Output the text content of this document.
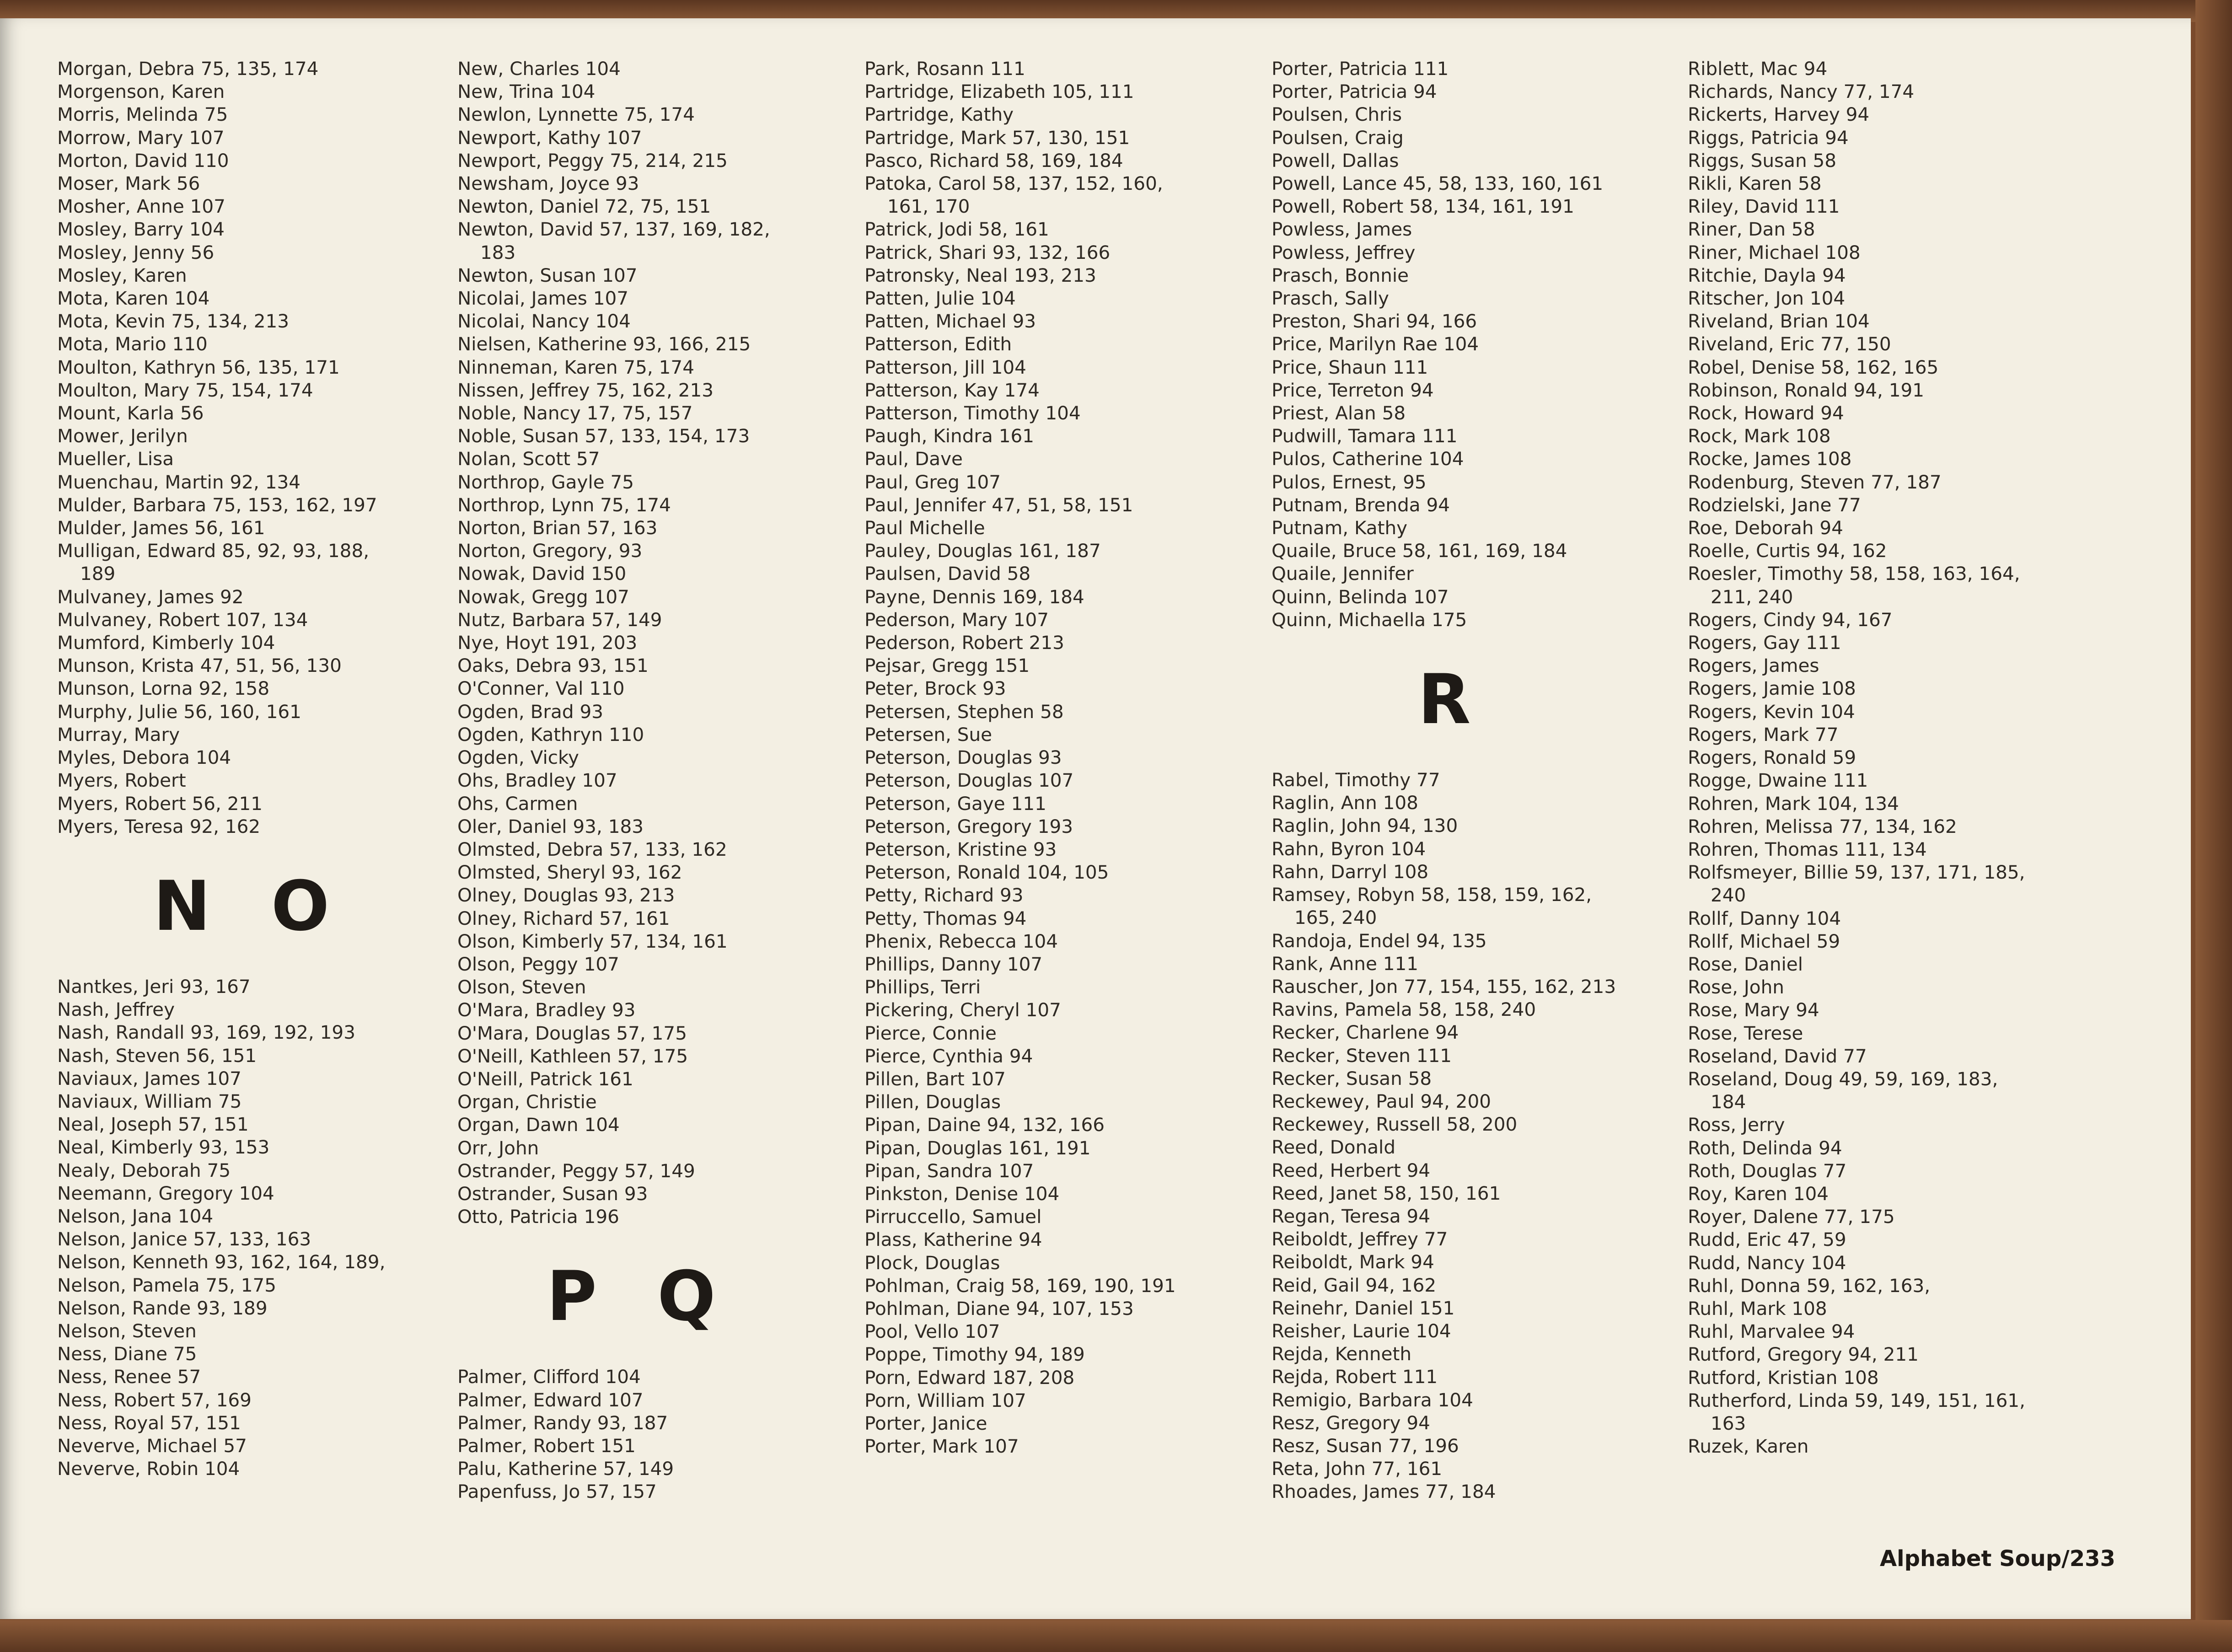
Morgan, Debra 75, 135, 174
Morgenson, Karen
Morris, Melinda 75
Morrow, Mary 107
Morton, David 110
Moser, Mark 56
Mosher, Anne 107
Mosley, Barry 104
Mosley, Jenny 56
Mosley, Karen
Mota, Karen 104
Mota, Kevin 75, 134, 213
Mota, Mario 110
Moulton, Kathryn 56, 135, 171
Moulton, Mary 75, 154, 174
Mount, Karla 56
Mower, Jerilyn
Mueller, Lisa
Muenchau, Martin 92, 134
Mulder, Barbara 75, 153, 162, 197
Mulder, James 56, 161
Mulligan, Edward 85, 92, 93, 188,
189
Mulvaney, James 92
Mulvaney, Robert 107, 134
Mumford, Kimberly 104
Munson, Krista 47, 51, 56, 130
Munson, Lorna 92, 158
Murphy, Julie 56, 160, 161
Murray, Mary
Myles, Debora 104
Myers, Robert
Myers, Robert 56, 211
Myers, Teresa 92, 162
N O
Nantkes, Jeri 93, 167
Nash, Jeffrey
Nash, Randall 93, 169, 192, 193
Nash, Steven 56, 151
Naviaux, James 107
Naviaux, William 75
Neal, Joseph 57, 151
Neal, Kimberly 93, 153
Nealy, Deborah 75
Neemann, Gregory 104
Nelson, Jana 104
Nelson, Janice 57, 133, 163
Nelson, Kenneth 93, 162, 164, 189,
Nelson, Pamela 75, 175
Nelson, Rande 93, 189
Nelson, Steven
Ness, Diane 75
Ness, Renee 57
Ness, Robert 57, 169
Ness, Royal 57, 151
Neverve, Michael 57
Neverve, Robin 104
New, Charles 104
New, Trina 104
Newlon, Lynnette 75, 174
Newport, Kathy 107
Newport, Peggy 75, 214, 215
Newsham, Joyce 93
Newton, Daniel 72, 75, 151
Newton, David 57, 137, 169, 182,
183
Newton, Susan 107
Nicolai, James 107
Nicolai, Nancy 104
Nielsen, Katherine 93, 166, 215
Ninneman, Karen 75, 174
Nissen, Jeffrey 75, 162, 213
Noble, Nancy 17, 75, 157
Noble, Susan 57, 133, 154, 173
Nolan, Scott 57
Northrop, Gayle 75
Northrop, Lynn 75, 174
Norton, Brian 57, 163
Norton, Gregory, 93
Nowak, David 150
Nowak, Gregg 107
Nutz, Barbara 57, 149
Nye, Hoyt 191, 203
Oaks, Debra 93, 151
O'Conner, Val 110
Ogden, Brad 93
Ogden, Kathryn 110
Ogden, Vicky
Ohs, Bradley 107
Ohs, Carmen
Oler, Daniel 93, 183
Olmsted, Debra 57, 133, 162
Olmsted, Sheryl 93, 162
Olney, Douglas 93, 213
Olney, Richard 57, 161
Olson, Kimberly 57, 134, 161
Olson, Peggy 107
Olson, Steven
O'Mara, Bradley 93
O'Mara, Douglas 57, 175
O'Neill, Kathleen 57, 175
O'Neill, Patrick 161
Organ, Christie
Organ, Dawn 104
Orr, John
Ostrander, Peggy 57, 149
Ostrander, Susan 93
Otto, Patricia 196
P Q
Palmer, Clifford 104
Palmer, Edward 107
Palmer, Randy 93, 187
Palmer, Robert 151
Palu, Katherine 57, 149
Papenfuss, Jo 57, 157
Park, Rosann 111
Partridge, Elizabeth 105, 111
Partridge, Kathy
Partridge, Mark 57, 130, 151
Pasco, Richard 58, 169, 184
Patoka, Carol 58, 137, 152, 160,
161, 170
Patrick, Jodi 58, 161
Patrick, Shari 93, 132, 166
Patronsky, Neal 193, 213
Patten, Julie 104
Patten, Michael 93
Patterson, Edith
Patterson, Jill 104
Patterson, Kay 174
Patterson, Timothy 104
Paugh, Kindra 161
Paul, Dave
Paul, Greg 107
Paul, Jennifer 47, 51, 58, 151
Paul Michelle
Pauley, Douglas 161, 187
Paulsen, David 58
Payne, Dennis 169, 184
Pederson, Mary 107
Pederson, Robert 213
Pejsar, Gregg 151
Peter, Brock 93
Petersen, Stephen 58
Petersen, Sue
Peterson, Douglas 93
Peterson, Douglas 107
Peterson, Gaye 111
Peterson, Gregory 193
Peterson, Kristine 93
Peterson, Ronald 104, 105
Petty, Richard 93
Petty, Thomas 94
Phenix, Rebecca 104
Phillips, Danny 107
Phillips, Terri
Pickering, Cheryl 107
Pierce, Connie
Pierce, Cynthia 94
Pillen, Bart 107
Pillen, Douglas
Pipan, Daine 94, 132, 166
Pipan, Douglas 161, 191
Pipan, Sandra 107
Pinkston, Denise 104
Pirruccello, Samuel
Plass, Katherine 94
Plock, Douglas
Pohlman, Craig 58, 169, 190, 191
Pohlman, Diane 94, 107, 153
Pool, Vello 107
Poppe, Timothy 94, 189
Porn, Edward 187, 208
Porn, William 107
Porter, Janice
Porter, Mark 107
Porter, Patricia 111
Porter, Patricia 94
Poulsen, Chris
Poulsen, Craig
Powell, Dallas
Powell, Lance 45, 58, 133, 160, 161
Powell, Robert 58, 134, 161, 191
Powless, James
Powless, Jeffrey
Prasch, Bonnie
Prasch, Sally
Preston, Shari 94, 166
Price, Marilyn Rae 104
Price, Shaun 111
Price, Terreton 94
Priest, Alan 58
Pudwill, Tamara 111
Pulos, Catherine 104
Pulos, Ernest, 95
Putnam, Brenda 94
Putnam, Kathy
Quaile, Bruce 58, 161, 169, 184
Quaile, Jennifer
Quinn, Belinda 107
Quinn, Michaella 175
R
Rabel, Timothy 77
Raglin, Ann 108
Raglin, John 94, 130
Rahn, Byron 104
Rahn, Darryl 108
Ramsey, Robyn 58, 158, 159, 162,
165, 240
Randoja, Endel 94, 135
Rank, Anne 111
Rauscher, Jon 77, 154, 155, 162, 213
Ravins, Pamela 58, 158, 240
Recker, Charlene 94
Recker, Steven 111
Recker, Susan 58
Reckewey, Paul 94, 200
Reckewey, Russell 58, 200
Reed, Donald
Reed, Herbert 94
Reed, Janet 58, 150, 161
Regan, Teresa 94
Reiboldt, Jeffrey 77
Reiboldt, Mark 94
Reid, Gail 94, 162
Reinehr, Daniel 151
Reisher, Laurie 104
Rejda, Kenneth
Rejda, Robert 111
Remigio, Barbara 104
Resz, Gregory 94
Resz, Susan 77, 196
Reta, John 77, 161
Rhoades, James 77, 184
Riblett, Mac 94
Richards, Nancy 77, 174
Rickerts, Harvey 94
Riggs, Patricia 94
Riggs, Susan 58
Rikli, Karen 58
Riley, David 111
Riner, Dan 58
Riner, Michael 108
Ritchie, Dayla 94
Ritscher, Jon 104
Riveland, Brian 104
Riveland, Eric 77, 150
Robel, Denise 58, 162, 165
Robinson, Ronald 94, 191
Rock, Howard 94
Rock, Mark 108
Rocke, James 108
Rodenburg, Steven 77, 187
Rodzielski, Jane 77
Roe, Deborah 94
Roelle, Curtis 94, 162
Roesler, Timothy 58, 158, 163, 164,
211, 240
Rogers, Cindy 94, 167
Rogers, Gay 111
Rogers, James
Rogers, Jamie 108
Rogers, Kevin 104
Rogers, Mark 77
Rogers, Ronald 59
Rogge, Dwaine 111
Rohren, Mark 104, 134
Rohren, Melissa 77, 134, 162
Rohren, Thomas 111, 134
Rolfsmeyer, Billie 59, 137, 171, 185,
240
Rollf, Danny 104
Rollf, Michael 59
Rose, Daniel
Rose, John
Rose, Mary 94
Rose, Terese
Roseland, David 77
Roseland, Doug 49, 59, 169, 183,
184
Ross, Jerry
Roth, Delinda 94
Roth, Douglas 77
Roy, Karen 104
Royer, Dalene 77, 175
Rudd, Eric 47, 59
Rudd, Nancy 104
Ruhl, Donna 59, 162, 163,
Ruhl, Mark 108
Ruhl, Marvalee 94
Rutford, Gregory 94, 211
Rutford, Kristian 108
Rutherford, Linda 59, 149, 151, 161,
163
Ruzek, Karen
Alphabet Soup/233
